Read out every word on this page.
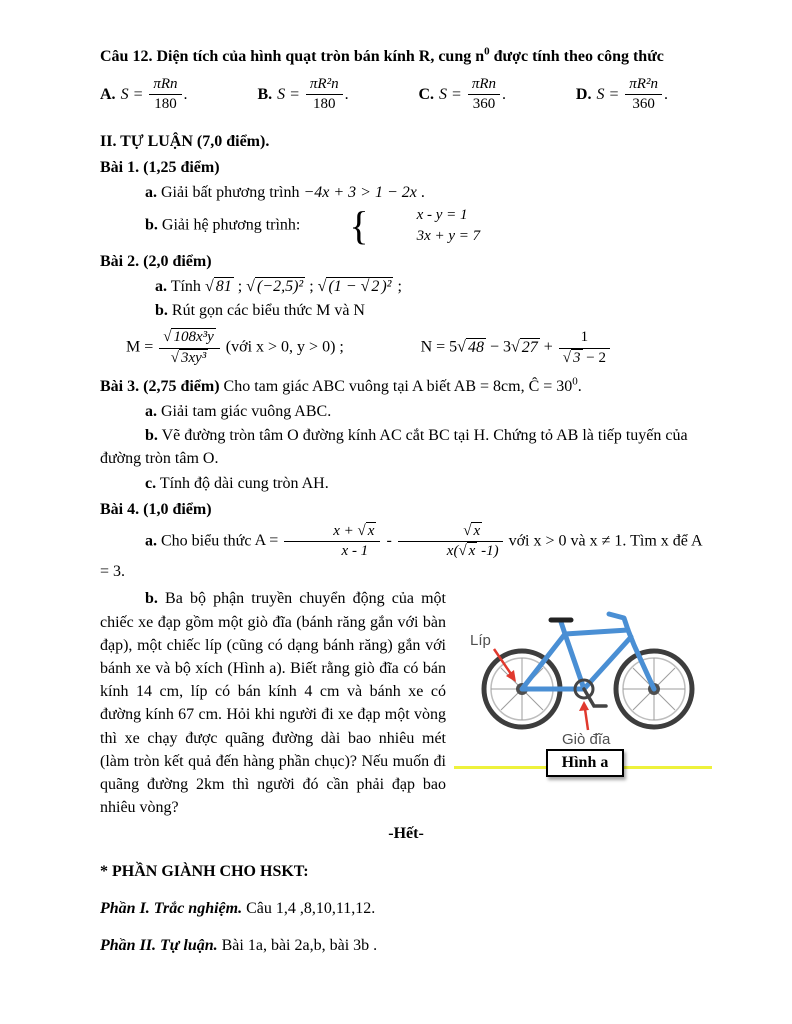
Câu 12. Diện tích của hình quạt tròn bán kính R, cung $n^0$ được tính theo công thức

A. $S = \frac{\text{πRn}}{180}$ .	B. $S = \frac{\text{πR²n}}{180}$ .	C. $S = \frac{\text{πRn}}{360}$ .	D. $S = \frac{\text{πR²n}}{360}$ .

II. TỰ LUẬN (7,0 điểm).

Bài 1. (1,25 điểm)

a. Giải bất phương trình −4x + 3 > 1 − 2x .

b. Giải hệ phương trình:	{	x - y = 1
3x + y = 7

Bài 2. (2,0 điểm)

a. Tính √ 81 ; √ (−2,5)² ; √ (1 − √ 2 )² ;

b. Rút gọn các biểu thức M và N

$M = \frac{\text{√ 108x³y}}{\text{√ 3xy³}}$ (với x > 0, y > 0) ;	N = 5√ 48 − 3√ $27 + \frac{1}{√ 3 - 2}$

Bài 3. (2,75 điểm) Cho tam giác ABC vuông tại A biết AB = 8cm, Ĉ = $30^0$.

a. Giải tam giác vuông ABC.

b. Vẽ đường tròn tâm O đường kính AC cắt BC tại H. Chứng tỏ AB là tiếp tuyến của đường tròn tâm O.

c. Tính độ dài cung tròn AH.

Bài 4. (1,0 điểm)

a. Cho biểu thức $A = \frac{x + √ x}{x - 1} - \frac{√ x}{x(√ x -1)}$ với x > 0 và x ≠ 1. Tìm x để A = 3.

Líp
Giò đĩa
Hình a

b. Ba bộ phận truyền chuyển động của một chiếc xe đạp gồm một giò đĩa (bánh răng gắn với bàn đạp), một chiếc líp (cũng có dạng bánh răng) gắn với bánh xe và bộ xích (Hình a). Biết rằng giò đĩa có bán kính 14 cm, líp có bán kính 4 cm và bánh xe có đường kính 67 cm. Hỏi khi người đi xe đạp một vòng thì xe chạy được quãng đường dài bao nhiêu mét (làm tròn kết quả đến hàng phần chục)? Nếu muốn đi quãng đường 2km thì người đó cần phải đạp bao nhiêu vòng?

-Hết-

* PHẦN GIÀNH CHO HSKT:

Phần I. Trắc nghiệm. Câu 1,4 ,8,10,11,12.

Phần II. Tự luận. Bài 1a, bài 2a,b, bài 3b .
